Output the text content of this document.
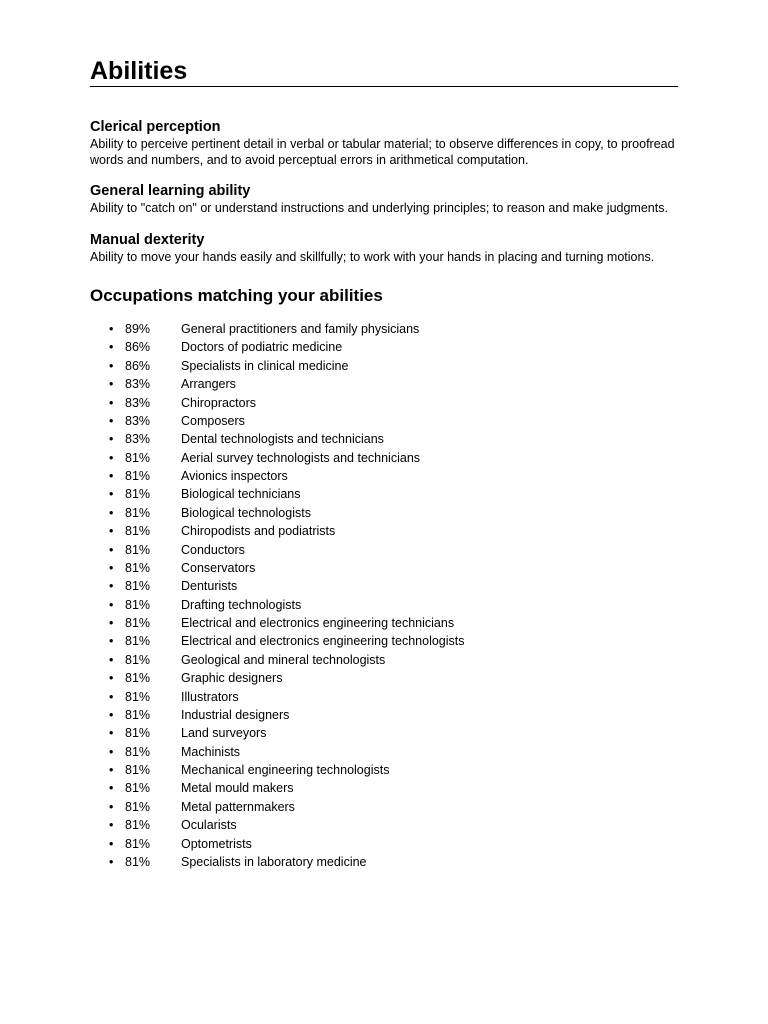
Abilities
Clerical perception

Ability to perceive pertinent detail in verbal or tabular material; to observe differences in copy, to proofread words and numbers, and to avoid perceptual errors in arithmetical computation.

General learning ability

Ability to "catch on" or understand instructions and underlying principles; to reason and make judgments.

Manual dexterity

Ability to move your hands easily and skillfully; to work with your hands in placing and turning motions.

Occupations matching your abilities
• 89% General practitioners and family physicians
• 86% Doctors of podiatric medicine
• 86% Specialists in clinical medicine
• 83% Arrangers
• 83% Chiropractors
• 83% Composers
• 83% Dental technologists and technicians
• 81% Aerial survey technologists and technicians
• 81% Avionics inspectors
• 81% Biological technicians
• 81% Biological technologists
• 81% Chiropodists and podiatrists
• 81% Conductors
• 81% Conservators
• 81% Denturists
• 81% Drafting technologists
• 81% Electrical and electronics engineering technicians
• 81% Electrical and electronics engineering technologists
• 81% Geological and mineral technologists
• 81% Graphic designers
• 81% Illustrators
• 81% Industrial designers
• 81% Land surveyors
• 81% Machinists
• 81% Mechanical engineering technologists
• 81% Metal mould makers
• 81% Metal patternmakers
• 81% Ocularists
• 81% Optometrists
• 81% Specialists in laboratory medicine
